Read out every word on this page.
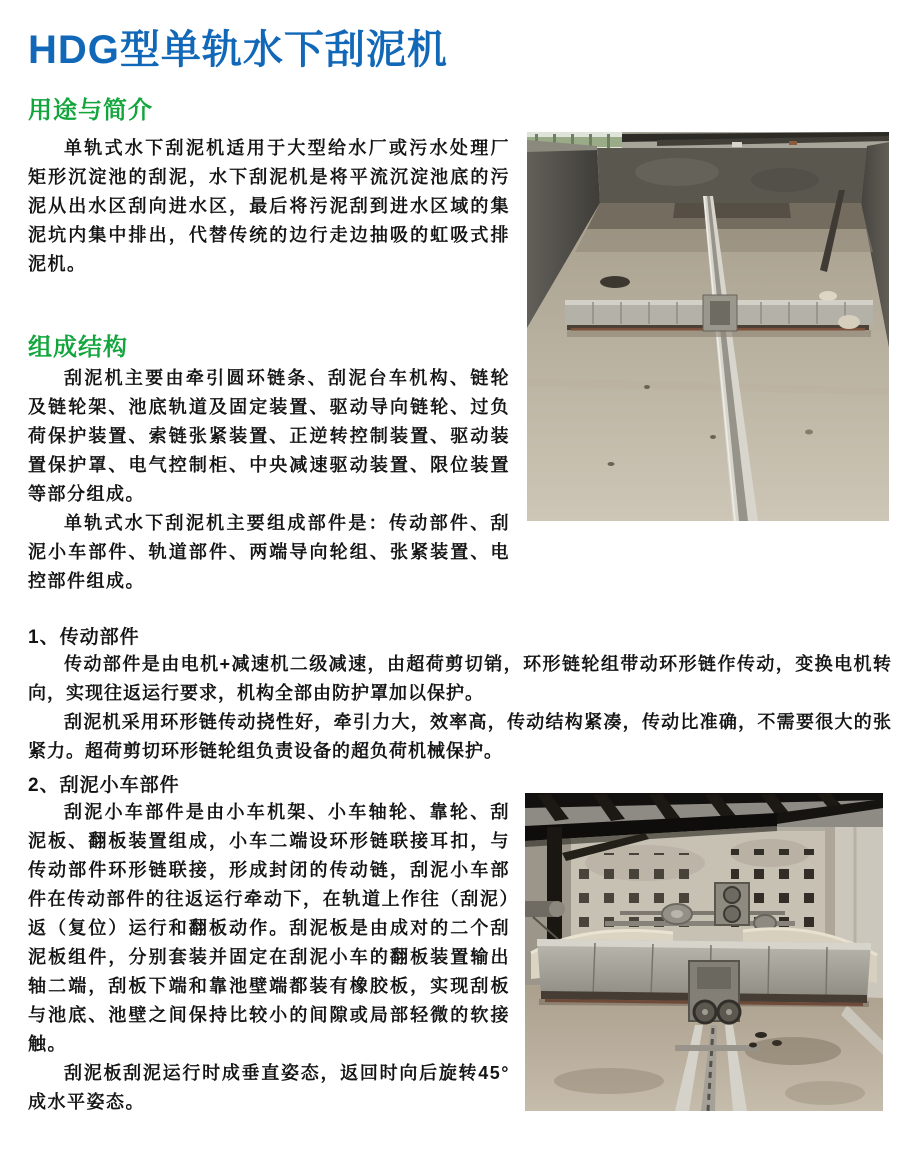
HDG型单轨水下刮泥机
用途与简介

单轨式水下刮泥机适用于大型给水厂或污水处理厂矩形沉淀池的刮泥，水下刮泥机是将平流沉淀池底的污泥从出水区刮向进水区，最后将污泥刮到进水区域的集泥坑内集中排出，代替传统的边行走边抽吸的虹吸式排泥机。

组成结构

刮泥机主要由牵引圆环链条、刮泥台车机构、链轮及链轮架、池底轨道及固定装置、驱动导向链轮、过负荷保护装置、索链张紧装置、正逆转控制装置、驱动装置保护罩、电气控制柜、中央减速驱动装置、限位装置等部分组成。

单轨式水下刮泥机主要组成部件是：传动部件、刮泥小车部件、轨道部件、两端导向轮组、张紧装置、电控部件组成。

1、传动部件

传动部件是由电机+减速机二级减速，由超荷剪切销，环形链轮组带动环形链作传动，变换电机转向，实现往返运行要求，机构全部由防护罩加以保护。

刮泥机采用环形链传动挠性好，牵引力大，效率高，传动结构紧凑，传动比准确，不需要很大的张紧力。超荷剪切环形链轮组负责设备的超负荷机械保护。

2、刮泥小车部件

刮泥小车部件是由小车机架、小车轴轮、靠轮、刮泥板、翻板装置组成，小车二端设环形链联接耳扣，与传动部件环形链联接，形成封闭的传动链，刮泥小车部件在传动部件的往返运行牵动下，在轨道上作往（刮泥）返（复位）运行和翻板动作。刮泥板是由成对的二个刮泥板组件，分别套装并固定在刮泥小车的翻板装置输出轴二端，刮板下端和靠池壁端都装有橡胶板，实现刮板与池底、池壁之间保持比较小的间隙或局部轻微的软接触。

刮泥板刮泥运行时成垂直姿态，返回时向后旋转45°成水平姿态。
